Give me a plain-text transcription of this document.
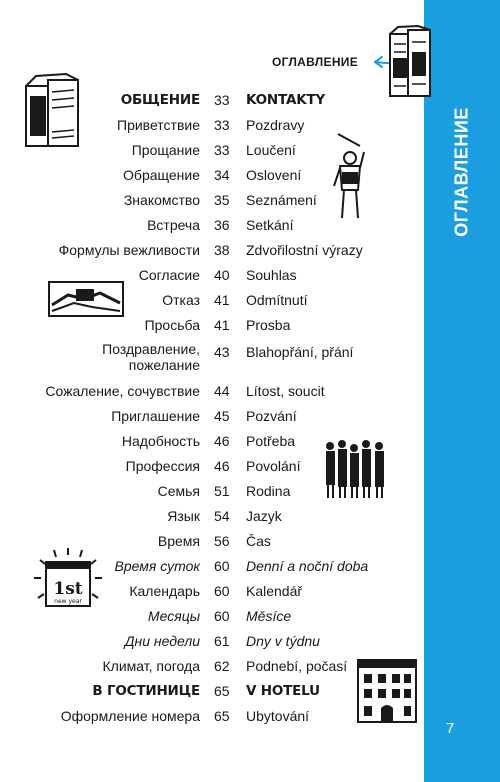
ОГЛАВЛЕНИЕ
7
ОГЛАВЛЕНИЕ
1st
new year
ОБЩЕНИЕ 33 KONTAKTY
Приветствие 33 Pozdravy
Прощание 33 Loučení
Обращение 34 Oslovení
Знакомство 35 Seznámení
Встреча 36 Setkání
Формулы вежливости 38 Zdvořilostní výrazy
Согласие 40 Souhlas
Отказ 41 Odmítnutí
Просьба 41 Prosba
Поздравление,
пожелание
43 Blahopřání, přání
Сожаление, сочувствие 44 Lítost, soucit
Приглашение 45 Pozvání
Надобность 46 Potřeba
Профессия 46 Povolání
Семья 51 Rodina
Язык 54 Jazyk
Время 56 Čas
Время суток 60 Denní a noční doba
Календарь 60 Kalendář
Месяцы 60 Měsíce
Дни недели 61 Dny v týdnu
Климат, погода 62 Podnebí, počasí
В ГОСТИНИЦЕ 65 V HOTELU
Оформление номера 65 Ubytování
